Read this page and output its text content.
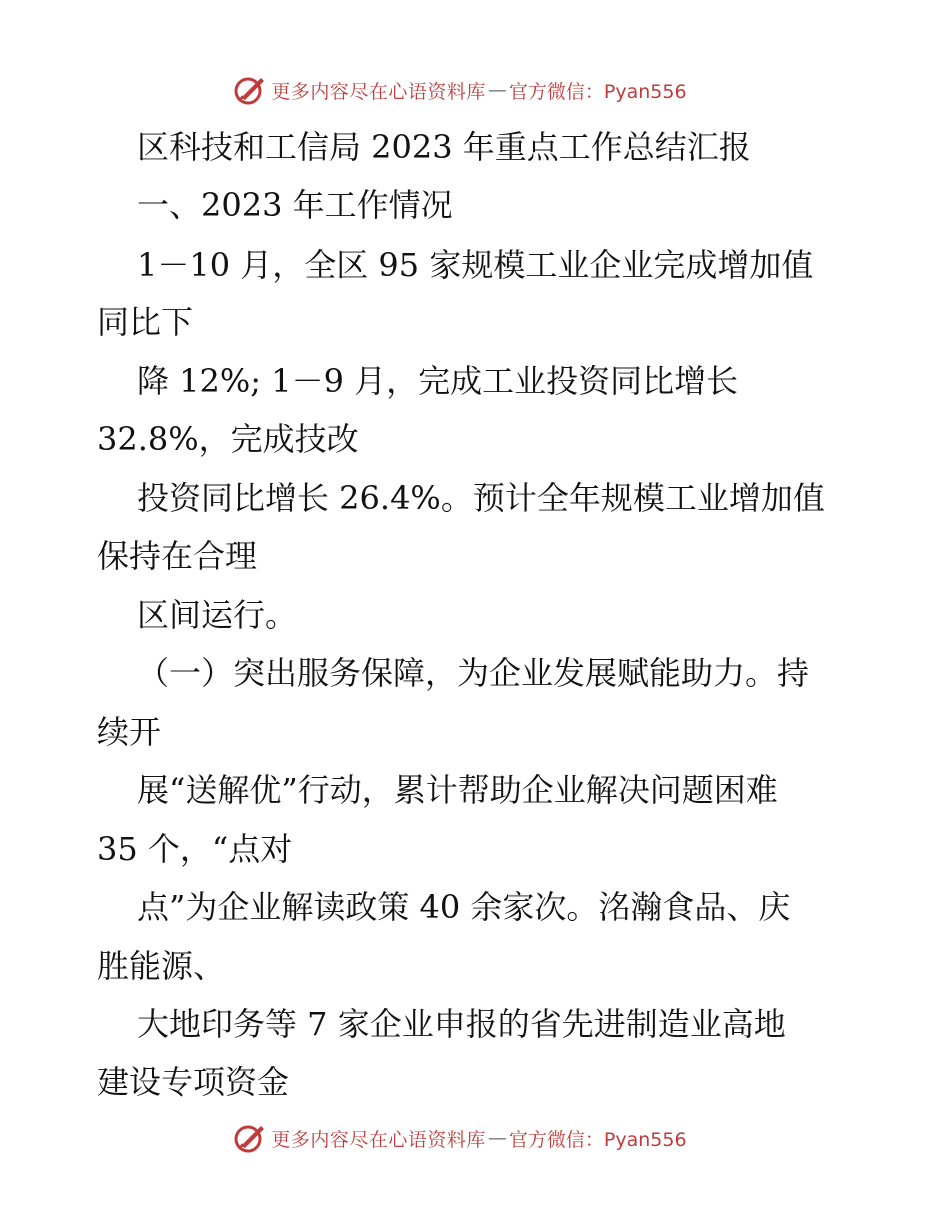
更多内容尽在心语资料库 — 官方微信：Pyan556
区科技和工信局 2023 年重点工作总结汇报
一、2023 年工作情况
1－10 月，全区 95 家规模工业企业完成增加值
同比下
降 12%; 1－9 月，完成工业投资同比增长
32.8%，完成技改
投资同比增长 26.4%。预计全年规模工业增加值
保持在合理
区间运行。
（一）突出服务保障，为企业发展赋能助力。持
续开
展“送解优”行动，累计帮助企业解决问题困难
35 个，“点对
点”为企业解读政策 40 余家次。洺瀚食品、庆
胜能源、
大地印务等 7 家企业申报的省先进制造业高地
建设专项资金
更多内容尽在心语资料库 — 官方微信：Pyan556
